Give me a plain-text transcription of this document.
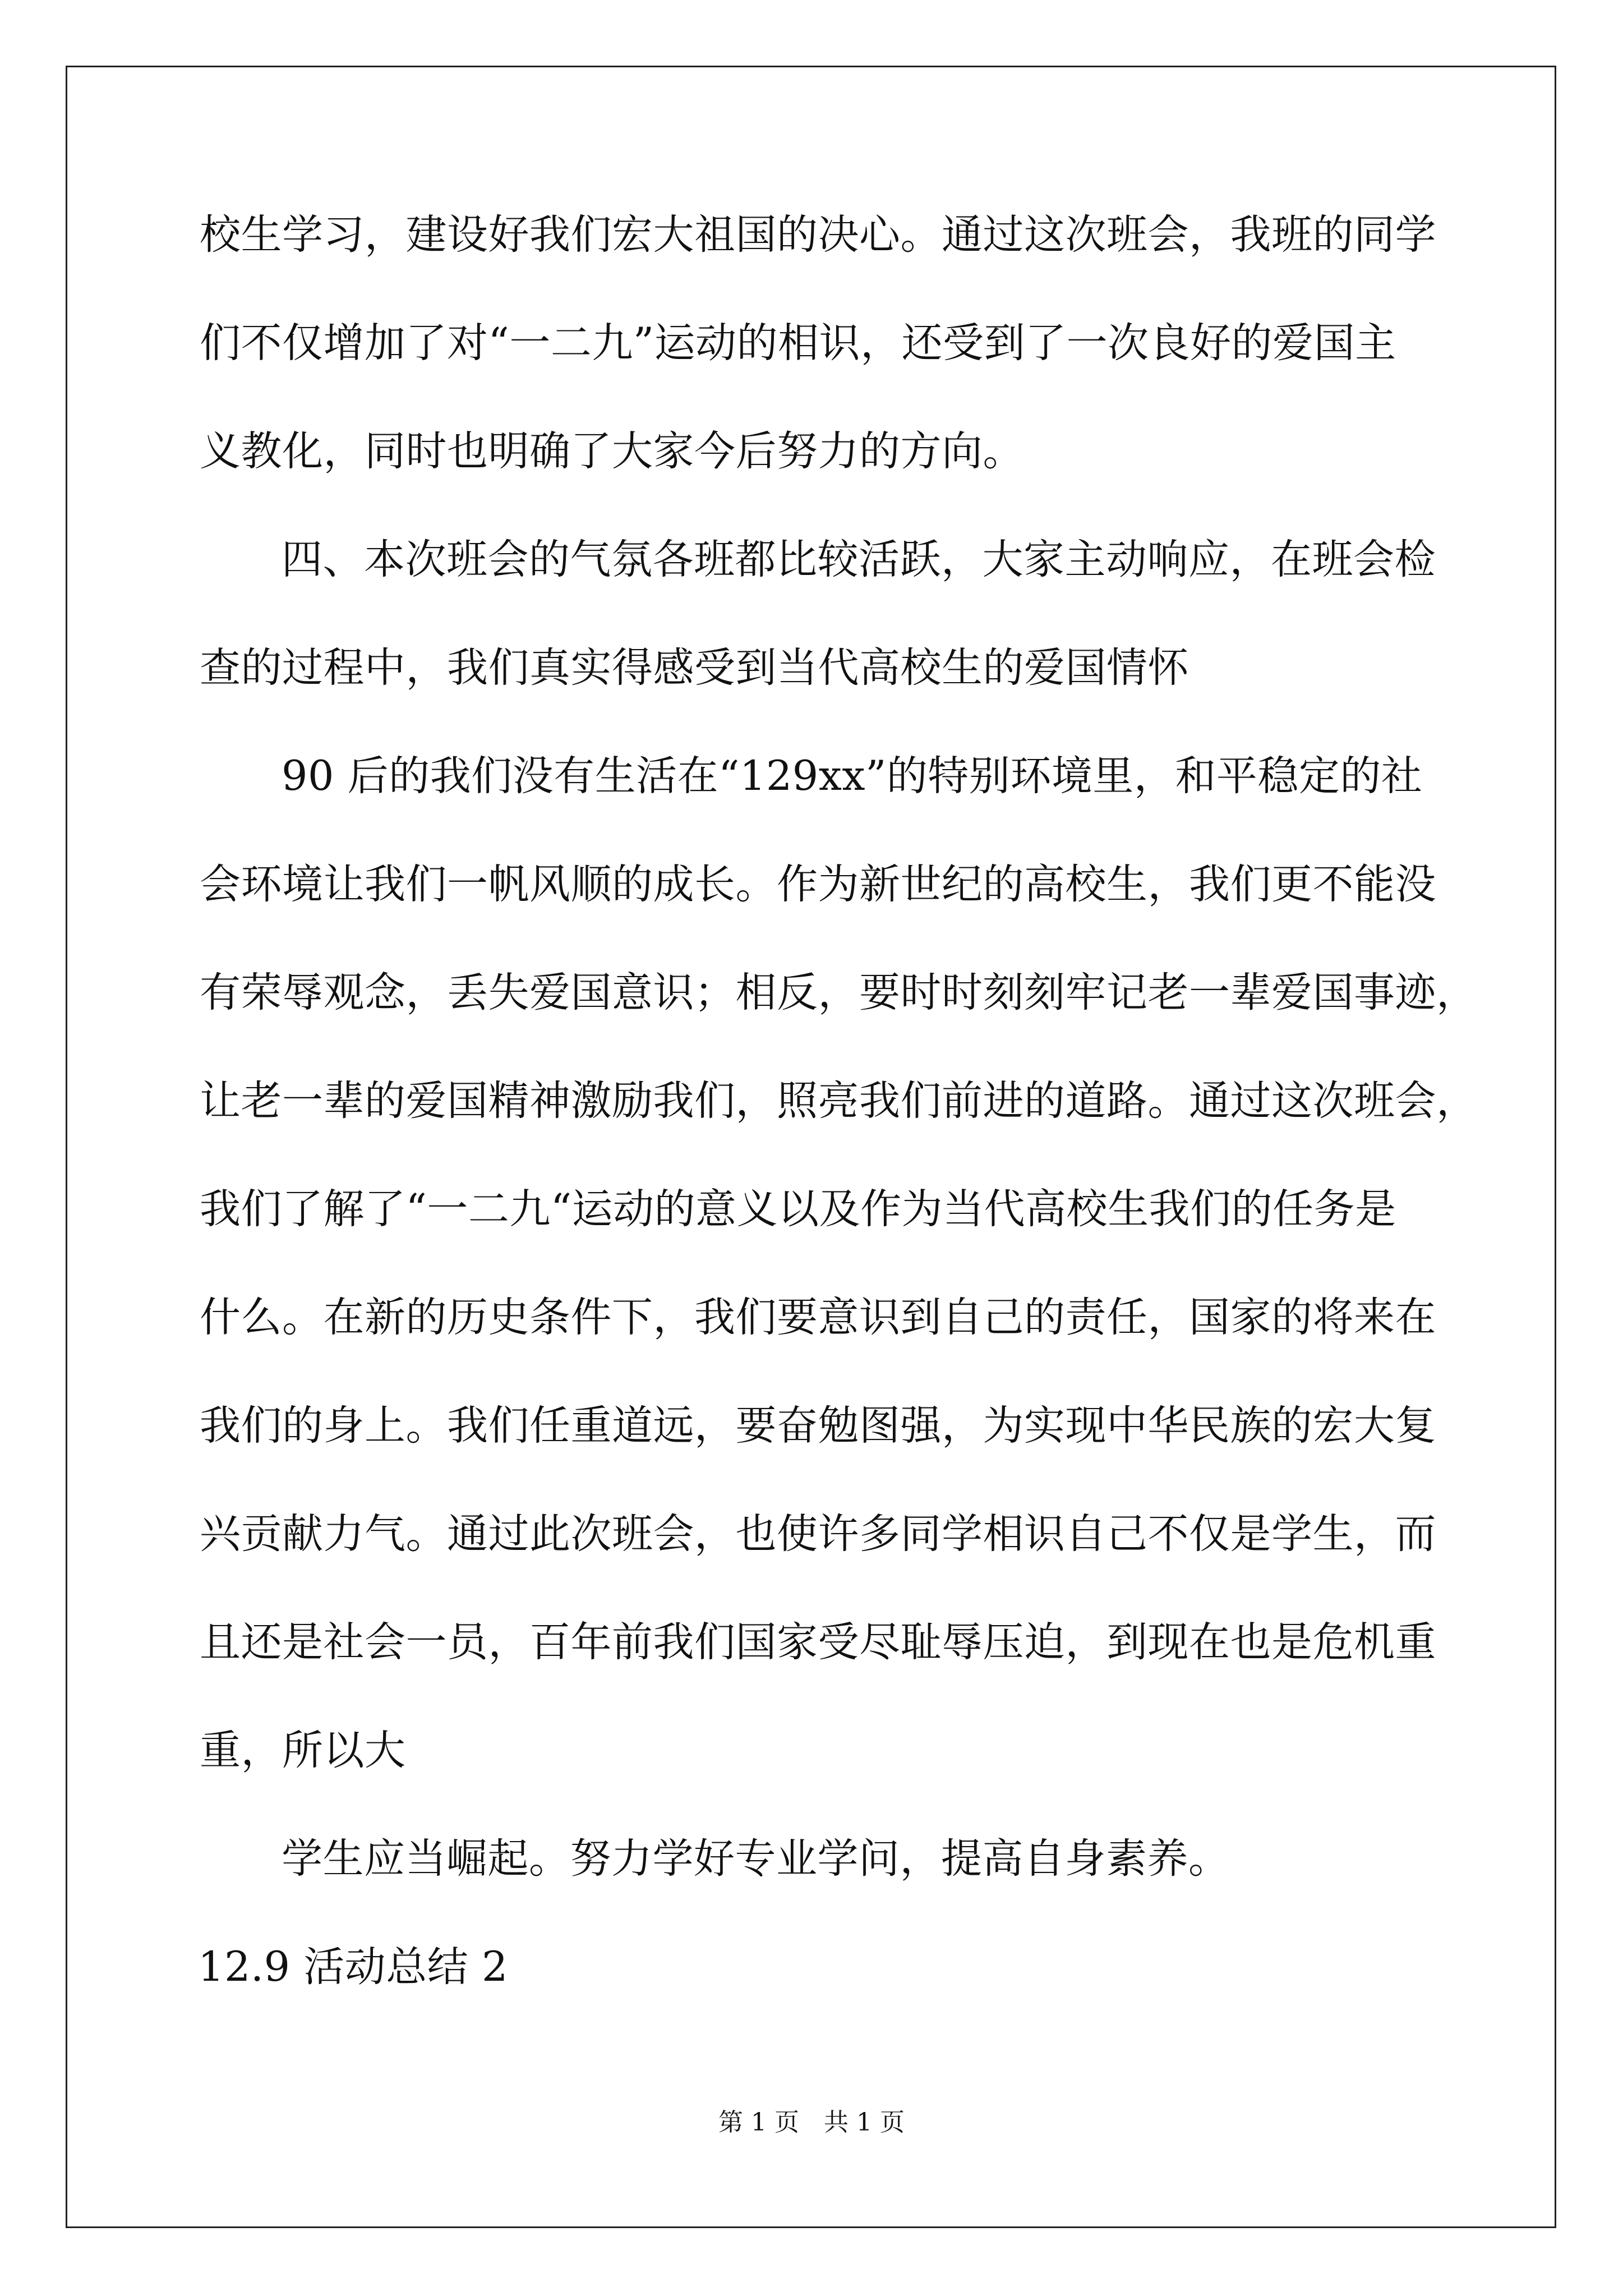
校生学习，建设好我们宏大祖国的决心。通过这次班会，我班的同学
们不仅增加了对“一二九”运动的相识，还受到了一次良好的爱国主
义教化，同时也明确了大家今后努力的方向。
四、本次班会的气氛各班都比较活跃，大家主动响应，在班会检
查的过程中，我们真实得感受到当代高校生的爱国情怀
90 后的我们没有生活在“129xx”的特别环境里，和平稳定的社
会环境让我们一帆风顺的成长。作为新世纪的高校生，我们更不能没
有荣辱观念，丢失爱国意识；相反，要时时刻刻牢记老一辈爱国事迹，
让老一辈的爱国精神激励我们，照亮我们前进的道路。通过这次班会，
我们了解了“一二九“运动的意义以及作为当代高校生我们的任务是
什么。在新的历史条件下，我们要意识到自己的责任，国家的将来在
我们的身上。我们任重道远，要奋勉图强，为实现中华民族的宏大复
兴贡献力气。通过此次班会，也使许多同学相识自己不仅是学生，而
且还是社会一员，百年前我们国家受尽耻辱压迫，到现在也是危机重
重，所以大
学生应当崛起。努力学好专业学问，提高自身素养。
12.9 活动总结 2
第 1 页　共 1 页
